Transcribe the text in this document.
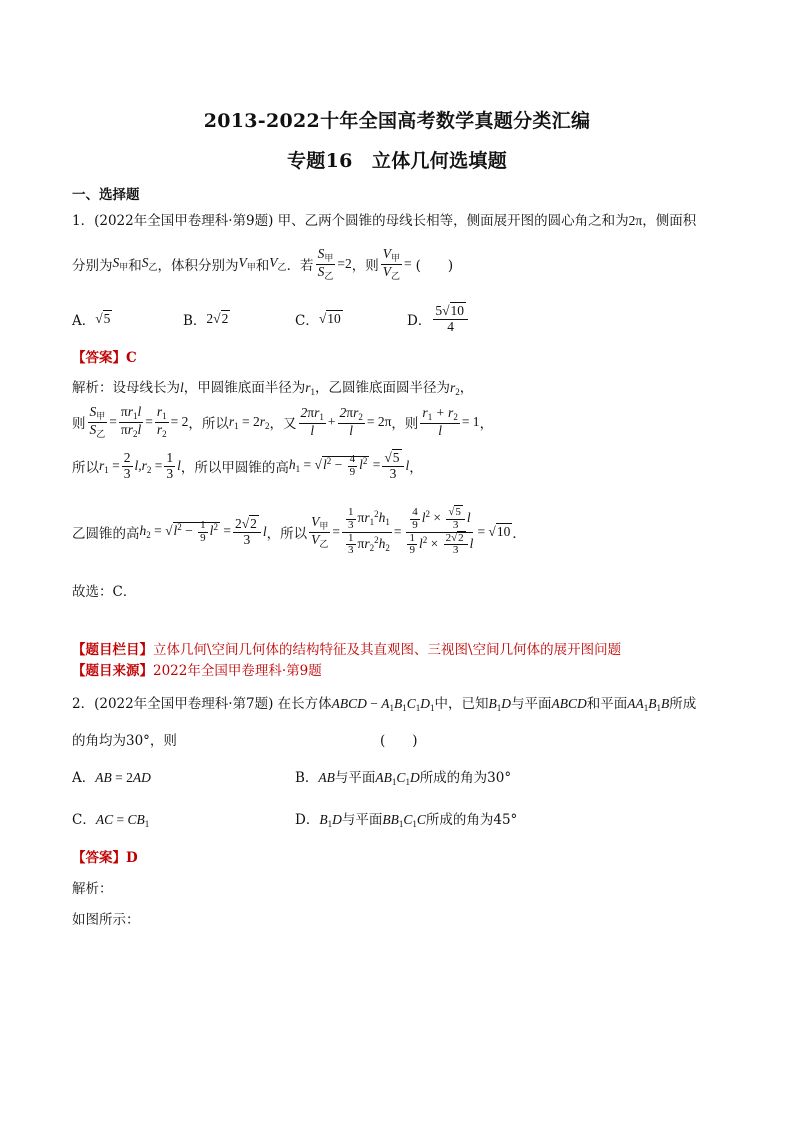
2013-2022十年全国高考数学真题分类汇编
专题16　立体几何选填题
一、选择题
1．(2022年全国甲卷理科·第9题) 甲、乙两个圆锥的母线长相等，侧面展开图的圆心角之和为2π，侧面积
分别为 $S_甲$ 和 $S_乙$ ，体积分别为 $V_甲$ 和 $V_乙$ ．若 $\frac{S_甲}{S_乙} =2$ ，则 $\frac{V_甲}{V_乙}$ = (　　)
A． √5	B． 2√2	C． √10	D． $\frac{5√10}{4}$
【答案】C
解析：设母线长为l，甲圆锥底面半径为$r_1$，乙圆锥底面圆半径为$r_2$，
则 $\frac{S_甲}{S_乙} = \frac{\pi r_1l}{\pi r_2l} = \frac{r_1}{r_2} = 2$ ，所以 $r_1 = 2r_2$ ，又 $\frac{2\pi r_1}{l} + \frac{2\pi r_2}{l} = 2\pi$ ，则 $\frac{r_1 + r_2}{l} = 1$ ，
所以 $r_1 = \frac{2}{3} l,r_2 = \frac{1}{3}$ l ，所以甲圆锥的高 $h_1 = √l^2 - \frac{4}{9} l^2 = \frac{√5}{3}$ l ，
乙圆锥的高 $h_2 = √l^2 - \frac{1}{9} l^2 = \frac{2√2}{3}$ l ，所以 $\frac{V_甲}{V_乙} = \frac{\frac{1}{3} \pi r_1^2h_1}{\frac{1}{3} \pi r_2^2h_2} = \frac{\frac{4}{9} l^2 \times \frac{√5}{3} l}{\frac{1}{9} l^2 \times \frac{2√2}{3} l} = √10$ ．
故选：C．
【题目栏目】立体几何\空间几何体的结构特征及其直观图、三视图\空间几何体的展开图问题
【题目来源】2022年全国甲卷理科·第9题
2．(2022年全国甲卷理科·第7题) 在长方体ABCD − $A_1B_1C_1D_1$中，已知$B_1D$与平面ABCD和平面$AA_1B_1B$所成
的角均为30°，则	(　　)
A．AB = 2AD	B．AB与平面$AB_1C_1D$所成的角为30°
C．AC = $CB_1$	D．$B_1D$与平面$BB_1C_1C$所成的角为45°
【答案】D
解析：
如图所示：
